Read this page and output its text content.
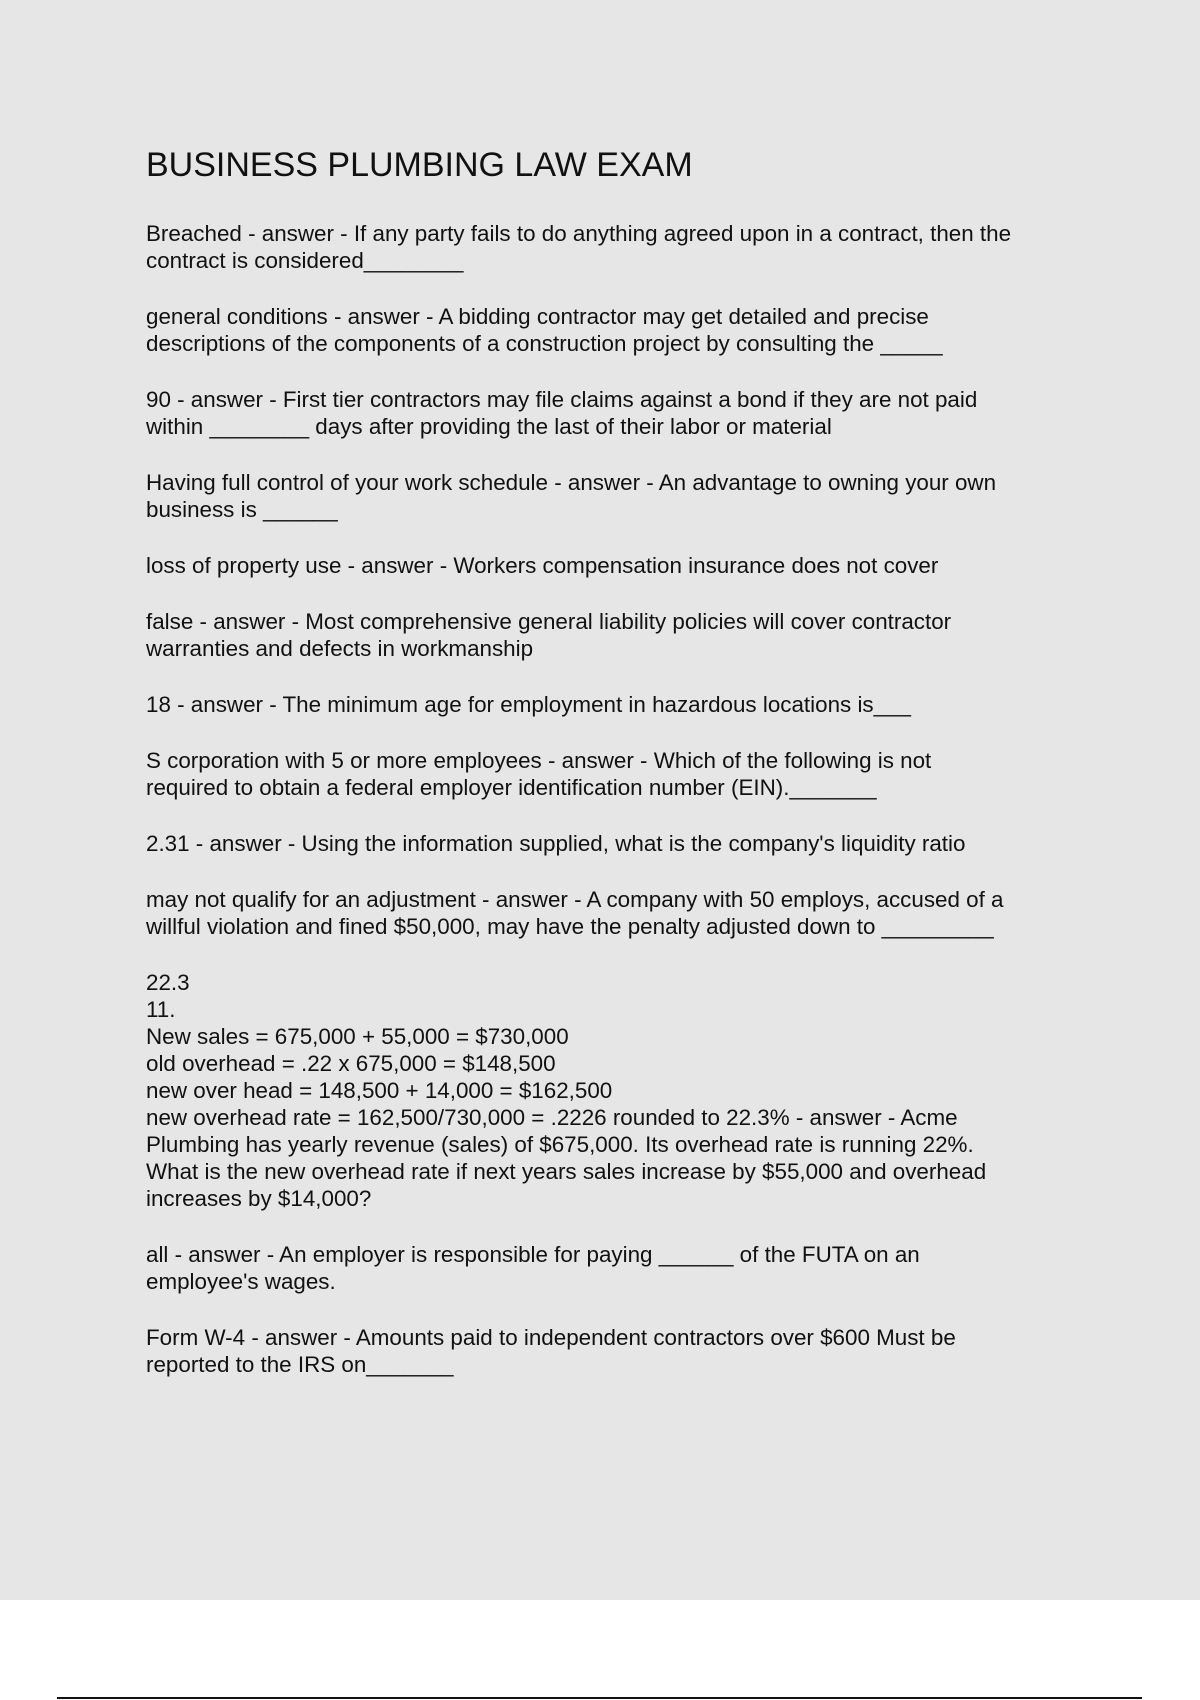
BUSINESS PLUMBING LAW EXAM
Breached - answer - If any party fails to do anything agreed upon in a contract, then the
contract is considered________
general conditions - answer - A bidding contractor may get detailed and precise
descriptions of the components of a construction project by consulting the _____
90 - answer - First tier contractors may file claims against a bond if they are not paid
within ________ days after providing the last of their labor or material
Having full control of your work schedule - answer - An advantage to owning your own
business is ______
loss of property use - answer - Workers compensation insurance does not cover
false - answer - Most comprehensive general liability policies will cover contractor
warranties and defects in workmanship
18 - answer - The minimum age for employment in hazardous locations is___
S corporation with 5 or more employees - answer - Which of the following is not
required to obtain a federal employer identification number (EIN)._______
2.31 - answer - Using the information supplied, what is the company's liquidity ratio
may not qualify for an adjustment - answer - A company with 50 employs, accused of a
willful violation and fined $50,000, may have the penalty adjusted down to _________
22.3
11.
New sales = 675,000 + 55,000 = $730,000
old overhead = .22 x 675,000 = $148,500
new over head = 148,500 + 14,000 = $162,500
new overhead rate = 162,500/730,000 = .2226 rounded to 22.3% - answer - Acme
Plumbing has yearly revenue (sales) of $675,000. Its overhead rate is running 22%.
What is the new overhead rate if next years sales increase by $55,000 and overhead
increases by $14,000?
all - answer - An employer is responsible for paying ______ of the FUTA on an
employee's wages.
Form W-4 - answer - Amounts paid to independent contractors over $600 Must be
reported to the IRS on_______
